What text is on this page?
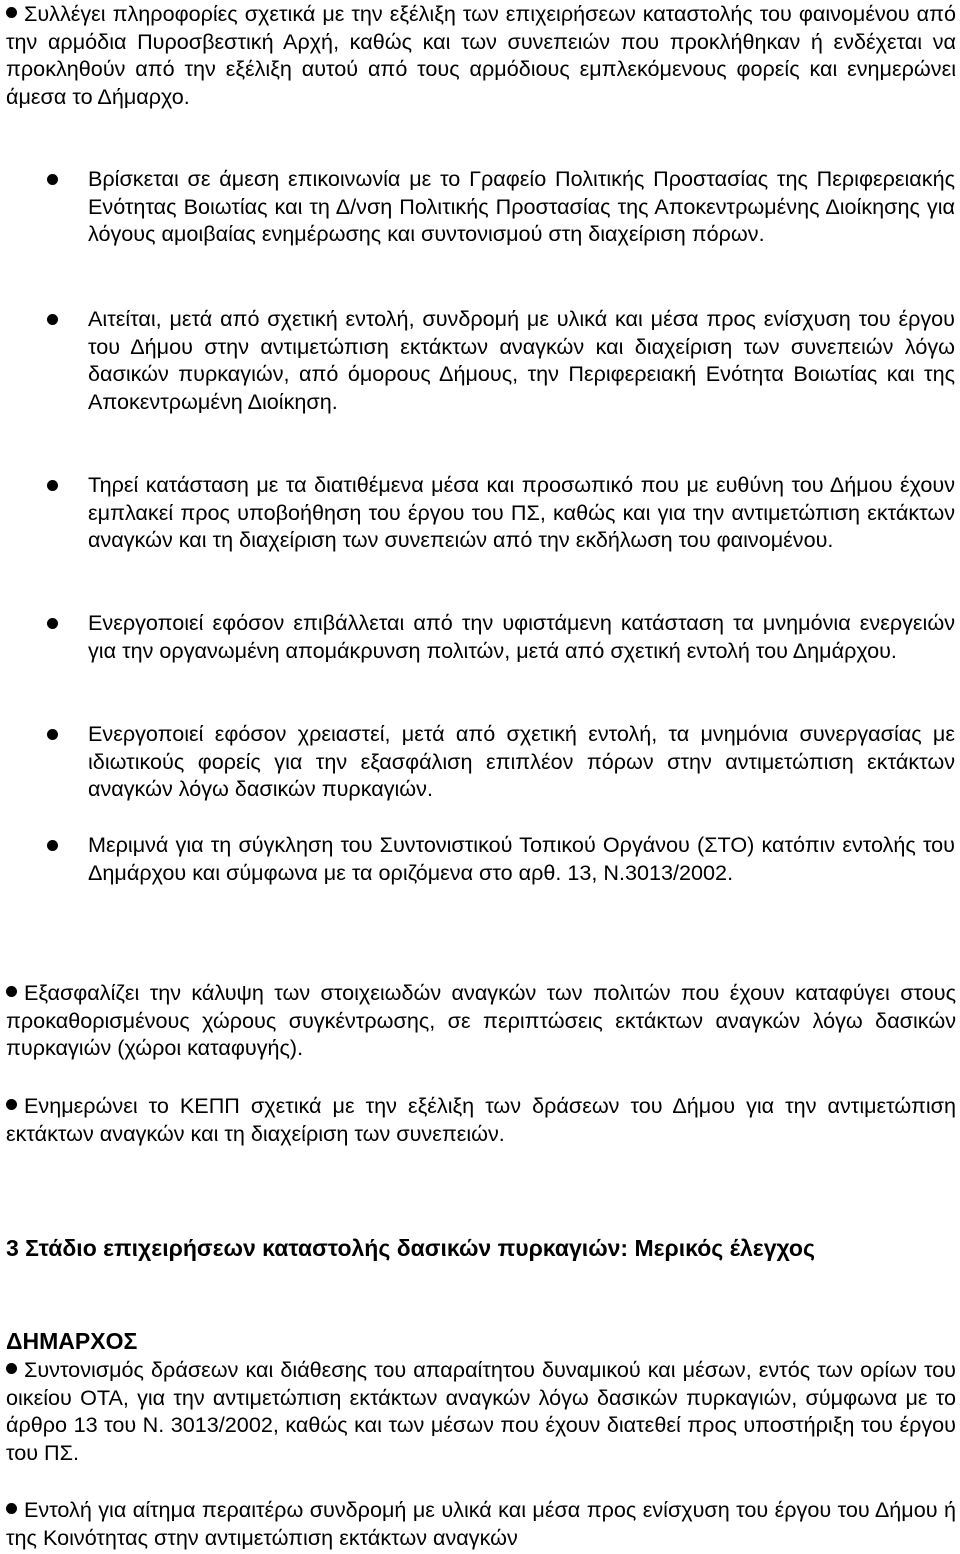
Συλλέγει πληροφορίες σχετικά με την εξέλιξη των επιχειρήσεων καταστολής του φαινομένου από την αρμόδια Πυροσβεστική Αρχή, καθώς και των συνεπειών που προκλήθηκαν ή ενδέχεται να προκληθούν από την εξέλιξη αυτού από τους αρμόδιους εμπλεκόμενους φορείς και ενημερώνει άμεσα το Δήμαρχο.
Βρίσκεται σε άμεση επικοινωνία με το Γραφείο Πολιτικής Προστασίας της Περιφερειακής Ενότητας Βοιωτίας και τη Δ/νση Πολιτικής Προστασίας της Αποκεντρωμένης Διοίκησης για λόγους αμοιβαίας ενημέρωσης και συντονισμού στη διαχείριση πόρων.
Αιτείται, μετά από σχετική εντολή, συνδρομή με υλικά και μέσα προς ενίσχυση του έργου του Δήμου στην αντιμετώπιση εκτάκτων αναγκών και διαχείριση των συνεπειών λόγω δασικών πυρκαγιών, από όμορους Δήμους, την Περιφερειακή Ενότητα Βοιωτίας και της Αποκεντρωμένη Διοίκηση.
Τηρεί κατάσταση με τα διατιθέμενα μέσα και προσωπικό που με ευθύνη του Δήμου έχουν εμπλακεί προς υποβοήθηση του έργου του ΠΣ, καθώς και για την αντιμετώπιση εκτάκτων αναγκών και τη διαχείριση των συνεπειών από την εκδήλωση του φαινομένου.
Ενεργοποιεί εφόσον επιβάλλεται από την υφιστάμενη κατάσταση τα μνημόνια ενεργειών για την οργανωμένη απομάκρυνση πολιτών, μετά από σχετική εντολή του Δημάρχου.
Ενεργοποιεί εφόσον χρειαστεί, μετά από σχετική εντολή, τα μνημόνια συνεργασίας με ιδιωτικούς φορείς για την εξασφάλιση επιπλέον πόρων στην αντιμετώπιση εκτάκτων αναγκών λόγω δασικών πυρκαγιών.
Μεριμνά για τη σύγκληση του Συντονιστικού Τοπικού Οργάνου (ΣΤΟ) κατόπιν εντολής του Δημάρχου και σύμφωνα με τα οριζόμενα στο αρθ. 13, Ν.3013/2002.
Εξασφαλίζει την κάλυψη των στοιχειωδών αναγκών των πολιτών που έχουν καταφύγει στους προκαθορισμένους χώρους συγκέντρωσης, σε περιπτώσεις εκτάκτων αναγκών λόγω δασικών πυρκαγιών (χώροι καταφυγής).
Ενημερώνει το ΚΕΠΠ σχετικά με την εξέλιξη των δράσεων του Δήμου για την αντιμετώπιση εκτάκτων αναγκών και τη διαχείριση των συνεπειών.
3 Στάδιο επιχειρήσεων καταστολής δασικών πυρκαγιών: Μερικός έλεγχος
ΔΗΜΑΡΧΟΣ
Συντονισμός δράσεων και διάθεσης του απαραίτητου δυναμικού και μέσων, εντός των ορίων του οικείου ΟΤΑ, για την αντιμετώπιση εκτάκτων αναγκών λόγω δασικών πυρκαγιών, σύμφωνα με το άρθρο 13 του Ν. 3013/2002, καθώς και των μέσων που έχουν διατεθεί προς υποστήριξη του έργου του ΠΣ.
Εντολή για αίτημα περαιτέρω συνδρομή με υλικά και μέσα προς ενίσχυση του έργου του Δήμου ή της Κοινότητας στην αντιμετώπιση εκτάκτων αναγκών
